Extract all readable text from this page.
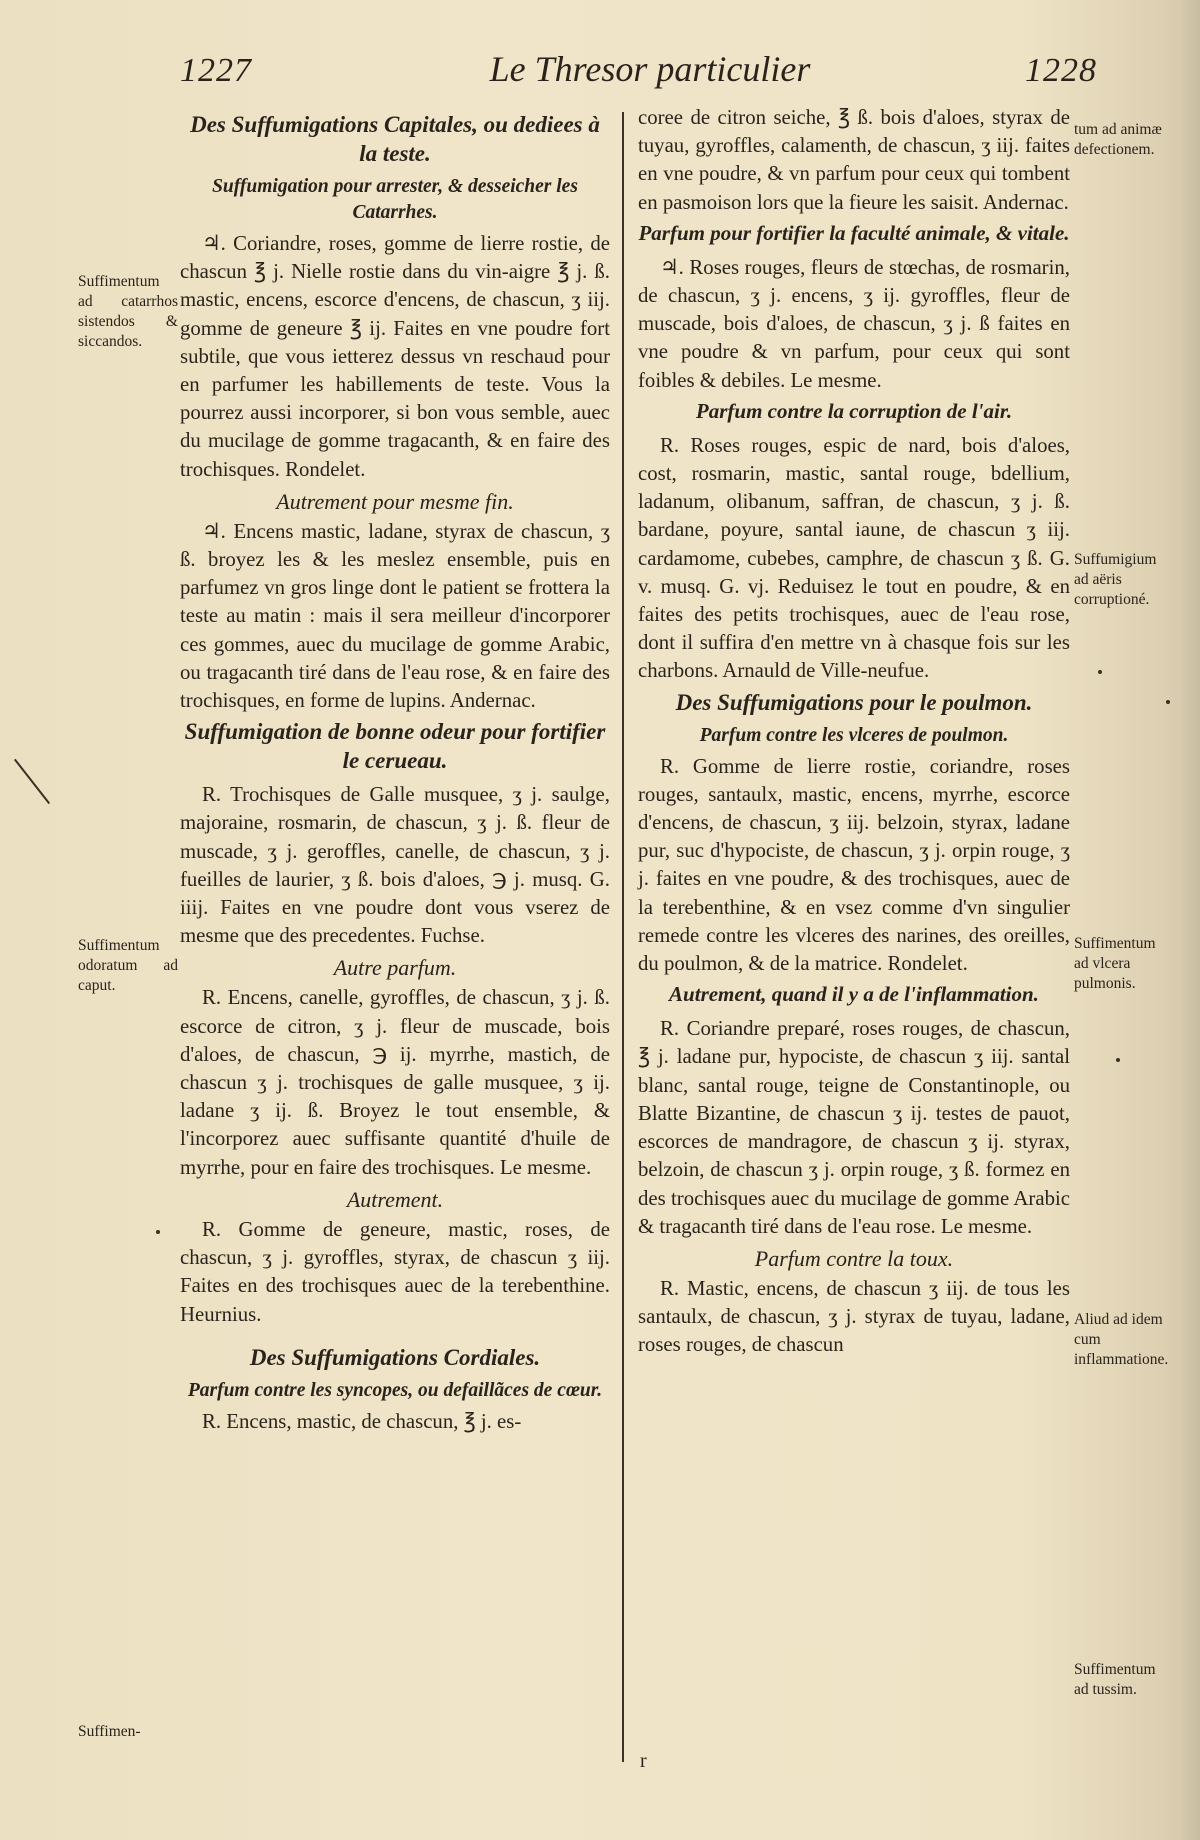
1227	Le Thresor particulier	1228
Des Suffumigations Capitales, ou dediees à la teste.
Suffumigation pour arrester, & desseicher les Catarrhes.

♃. Coriandre, roses, gomme de lierre rostie, de chascun ℥ j. Nielle rostie dans du vin-aigre ℥ j. ß. mastic, encens, escorce d'encens, de chascun, ʒ iij. gomme de geneure ℥ ij. Faites en vne poudre fort subtile, que vous ietterez dessus vn reschaud pour en parfumer les habillements de teste. Vous la pourrez aussi incorporer, si bon vous semble, auec du mucilage de gomme tragacanth, & en faire des trochisques. Rondelet.

Autrement pour mesme fin.

♃. Encens mastic, ladane, styrax de chascun, ʒ ß. broyez les & les meslez ensemble, puis en parfumez vn gros linge dont le patient se frottera la teste au matin : mais il sera meilleur d'incorporer ces gommes, auec du mucilage de gomme Arabic, ou tragacanth tiré dans de l'eau rose, & en faire des trochisques, en forme de lupins. Andernac.

Suffumigation de bonne odeur pour fortifier le cerueau.

R. Trochisques de Galle musquee, ʒ j. saulge, majoraine, rosmarin, de chascun, ʒ j. ß. fleur de muscade, ʒ j. geroffles, canelle, de chascun, ʒ j. fueilles de laurier, ʒ ß. bois d'aloes, ℈ j. musq. G. iiij. Faites en vne poudre dont vous vserez de mesme que des precedentes. Fuchse.

Autre parfum.

R. Encens, canelle, gyroffles, de chascun, ʒ j. ß. escorce de citron, ʒ j. fleur de muscade, bois d'aloes, de chascun, ℈ ij. myrrhe, mastich, de chascun ʒ j. trochisques de galle musquee, ʒ ij. ladane ʒ ij. ß. Broyez le tout ensemble, & l'incorporez auec suffisante quantité d'huile de myrrhe, pour en faire des trochisques. Le mesme.

Autrement.

R. Gomme de geneure, mastic, roses, de chascun, ʒ j. gyroffles, styrax, de chascun ʒ iij. Faites en des trochisques auec de la terebenthine. Heurnius.

Des Suffumigations Cordiales.
Parfum contre les syncopes, ou defaillãces de cœur.

R. Encens, mastic, de chascun, ℥ j. es-

coree de citron seiche, ℥ ß. bois d'aloes, styrax de tuyau, gyroffles, calamenth, de chascun, ʒ iij. faites en vne poudre, & vn parfum pour ceux qui tombent en pasmoison lors que la fieure les saisit. Andernac.

Parfum pour fortifier la faculté animale, & vitale.

♃. Roses rouges, fleurs de stœchas, de rosmarin, de chascun, ʒ j. encens, ʒ ij. gyroffles, fleur de muscade, bois d'aloes, de chascun, ʒ j. ß faites en vne poudre & vn parfum, pour ceux qui sont foibles & debiles. Le mesme.

Parfum contre la corruption de l'air.

R. Roses rouges, espic de nard, bois d'aloes, cost, rosmarin, mastic, santal rouge, bdellium, ladanum, olibanum, saffran, de chascun, ʒ j. ß. bardane, poyure, santal iaune, de chascun ʒ iij. cardamome, cubebes, camphre, de chascun ʒ ß. G. v. musq. G. vj. Reduisez le tout en poudre, & en faites des petits trochisques, auec de l'eau rose, dont il suffira d'en mettre vn à chasque fois sur les charbons. Arnauld de Ville-neufue.

Des Suffumigations pour le poulmon.
Parfum contre les vlceres de poulmon.

R. Gomme de lierre rostie, coriandre, roses rouges, santaulx, mastic, encens, myrrhe, escorce d'encens, de chascun, ʒ iij. belzoin, styrax, ladane pur, suc d'hypociste, de chascun, ʒ j. orpin rouge, ʒ j. faites en vne poudre, & des trochisques, auec de la terebenthine, & en vsez comme d'vn singulier remede contre les vlceres des narines, des oreilles, du poulmon, & de la matrice. Rondelet.

Autrement, quand il y a de l'inflammation.

R. Coriandre preparé, roses rouges, de chascun, ℥ j. ladane pur, hypociste, de chascun ʒ iij. santal blanc, santal rouge, teigne de Constantinople, ou Blatte Bizantine, de chascun ʒ ij. testes de pauot, escorces de mandragore, de chascun ʒ ij. styrax, belzoin, de chascun ʒ j. orpin rouge, ʒ ß. formez en des trochisques auec du mucilage de gomme Arabic & tragacanth tiré dans de l'eau rose. Le mesme.

Parfum contre la toux.

R. Mastic, encens, de chascun ʒ iij. de tous les santaulx, de chascun, ʒ j. styrax de tuyau, ladane, roses rouges, de chascun

Suffimentum ad catarrhos sistendos & siccandos.
Suffimentum odoratum ad caput.
Suffimen-
tum ad animæ defectionem.
Suffumigium ad aëris corruptioné.
Suffimentum ad vlcera pulmonis.
Aliud ad idem cum inflammatione.
Suffimentum ad tussim.
r
